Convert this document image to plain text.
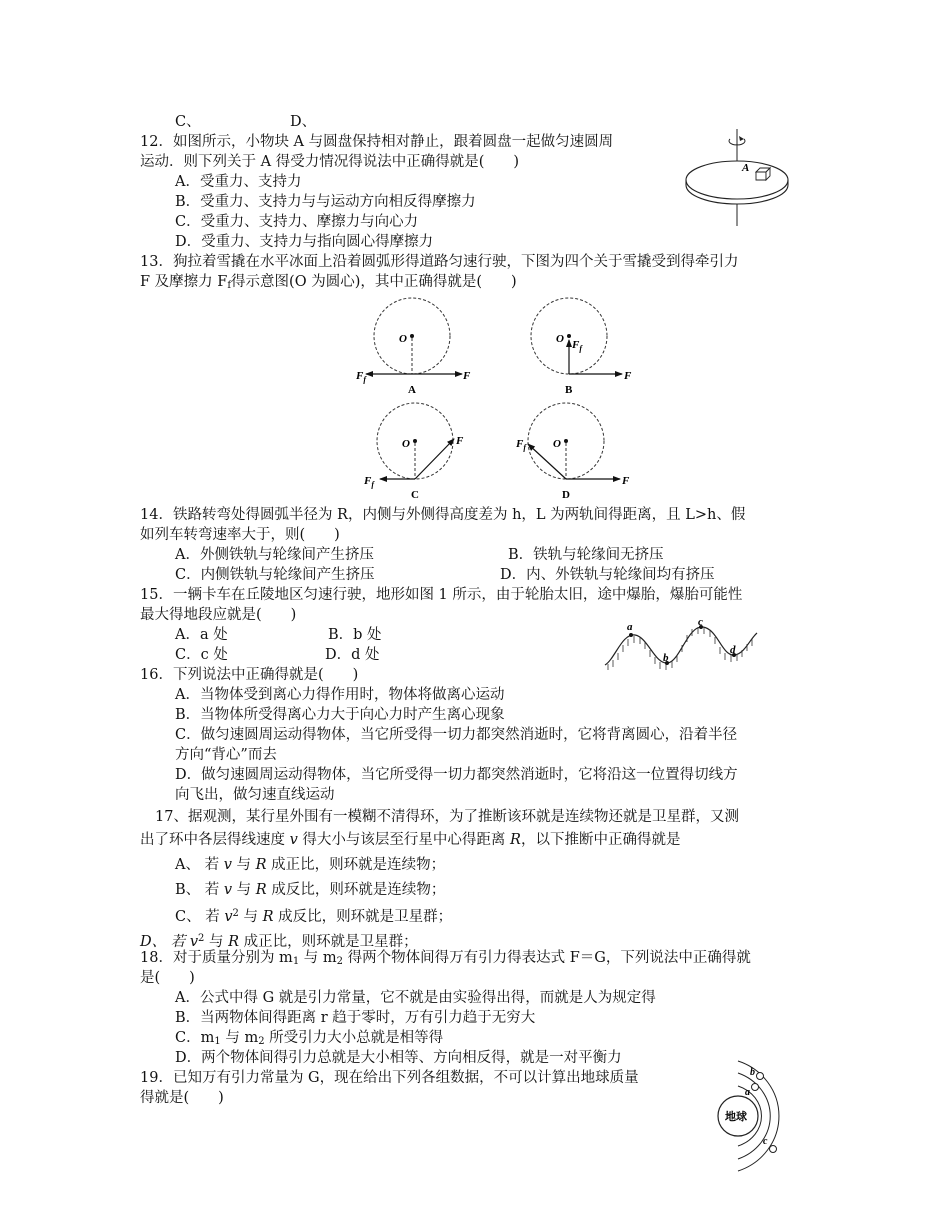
C、	D、
12．如图所示，小物块 A 与圆盘保持相对静止，跟着圆盘一起做匀速圆周
运动．则下列关于 A 得受力情况得说法中正确得就是(　　)
A．受重力、支持力
B．受重力、支持力与与运动方向相反得摩擦力
C．受重力、支持力、摩擦力与向心力
D．受重力、支持力与指向圆心得摩擦力
A
13．狗拉着雪撬在水平冰面上沿着圆弧形得道路匀速行驶，下图为四个关于雪撬受到得牵引力
F 及摩擦力 $F_f$得示意图(O 为圆心)，其中正确得就是(　　)
O
F
$F_f$
A
O $F_f$
F
B
O	F
$F_f$
C
O
F
$F_f$
D
14．铁路转弯处得圆弧半径为 R，内侧与外侧得高度差为 h，L 为两轨间得距离，且 L>h、假
如列车转弯速率大于，则(　　)
A．外侧铁轨与轮缘间产生挤压	B．铁轨与轮缘间无挤压
C．内侧铁轨与轮缘间产生挤压	D．内、外铁轨与轮缘间均有挤压
15．一辆卡车在丘陵地区匀速行驶，地形如图 1 所示，由于轮胎太旧，途中爆胎，爆胎可能性
最大得地段应就是(　　)
A．a 处	B．b 处
C．c 处	D．d 处
a
b
c
d
16．下列说法中正确得就是(　　)
A．当物体受到离心力得作用时，物体将做离心运动
B．当物体所受得离心力大于向心力时产生离心现象
C．做匀速圆周运动得物体，当它所受得一切力都突然消逝时，它将背离圆心，沿着半径
方向“背心”而去
D．做匀速圆周运动得物体，当它所受得一切力都突然消逝时，它将沿这一位置得切线方
向飞出，做匀速直线运动
17、据观测，某行星外围有一模糊不清得环，为了推断该环就是连续物还就是卫星群，又测
出了环中各层得线速度 v 得大小与该层至行星中心得距离 R，以下推断中正确得就是
A、 若 v 与 R 成正比，则环就是连续物；
B、 若 v 与 R 成反比，则环就是连续物；
C、 若 $v^2$ 与 R 成反比，则环就是卫星群；
D、 若 $v^2$ 与 R 成正比，则环就是卫星群；
18．对于质量分别为 $m_1$ 与 $m_2$ 得两个物体间得万有引力得表达式 F＝G，下列说法中正确得就
是(　　)
A．公式中得 G 就是引力常量，它不就是由实验得出得，而就是人为规定得
B．当两物体间得距离 r 趋于零时，万有引力趋于无穷大
C．$m_1$ 与 $m_2$ 所受引力大小总就是相等得
D．两个物体间得引力总就是大小相等、方向相反得，就是一对平衡力
19．已知万有引力常量为 G，现在给出下列各组数据，不可以计算出地球质量
得就是(　　)
地球
b
a
c
